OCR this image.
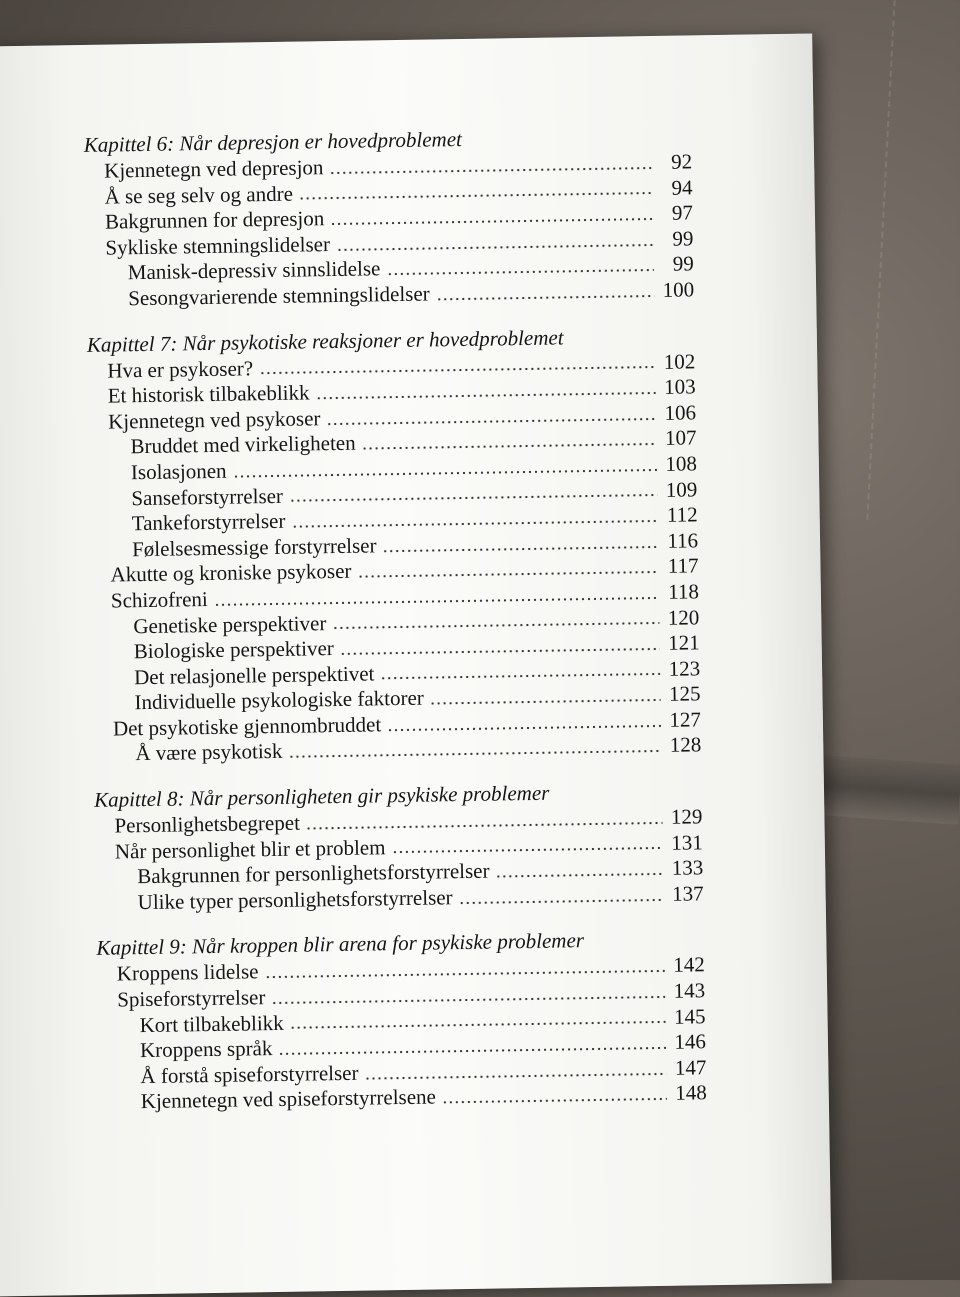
Kapittel 6: Når depresjon er hovedproblemet
Kjennetegn ved depresjon	92
Å se seg selv og andre	94
Bakgrunnen for depresjon	97
Sykliske stemningslidelser	99
Manisk-depressiv sinnslidelse	99
Sesongvarierende stemningslidelser	100
Kapittel 7: Når psykotiske reaksjoner er hovedproblemet
Hva er psykoser?	102
Et historisk tilbakeblikk	103
Kjennetegn ved psykoser	106
Bruddet med virkeligheten	107
Isolasjonen	108
Sanseforstyrrelser	109
Tankeforstyrrelser	112
Følelsesmessige forstyrrelser	116
Akutte og kroniske psykoser	117
Schizofreni	118
Genetiske perspektiver	120
Biologiske perspektiver	121
Det relasjonelle perspektivet	123
Individuelle psykologiske faktorer	125
Det psykotiske gjennombruddet	127
Å være psykotisk	128
Kapittel 8: Når personligheten gir psykiske problemer
Personlighetsbegrepet	129
Når personlighet blir et problem	131
Bakgrunnen for personlighetsforstyrrelser	133
Ulike typer personlighetsforstyrrelser	137
Kapittel 9: Når kroppen blir arena for psykiske problemer
Kroppens lidelse	142
Spiseforstyrrelser	143
Kort tilbakeblikk	145
Kroppens språk	146
Å forstå spiseforstyrrelser	147
Kjennetegn ved spiseforstyrrelsene	148
